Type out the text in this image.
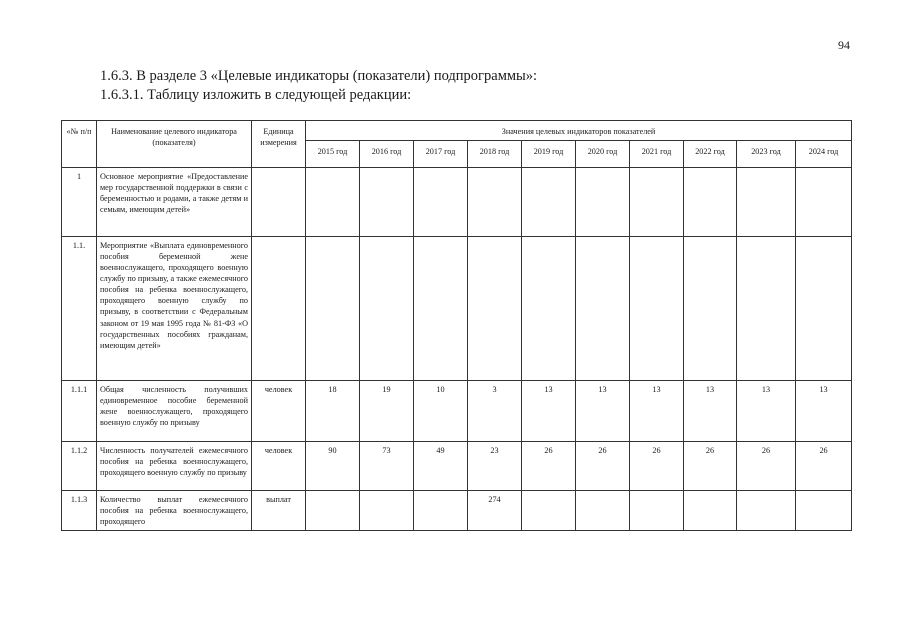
94
1.6.3. В разделе 3 «Целевые индикаторы (показатели) подпрограммы»:
1.6.3.1. Таблицу изложить в следующей редакции:
«№ п/п	Наименование целевого индикатора (показателя)	Единица измерения	Значения целевых индикаторов показателей									
			2015 год	2016 год	2017 год	2018 год	2019 год	2020 год	2021 год	2022 год	2023 год	2024 год
1	Основное мероприятие «Предоставление мер государственной поддержки в связи с беременностью и родами, а также детям и семьям, имеющим детей»											
1.1.	Мероприятие «Выплата единовременного пособия беременной жене военнослужащего, проходящего военную службу по призыву, а также ежемесячного пособия на ребенка военнослужащего, проходящего военную службу по призыву, в соответствии с Федеральным законом от 19 мая 1995 года № 81-ФЗ «О государственных пособиях гражданам, имеющим детей»											
1.1.1	Общая численность получивших единовременное пособие беременной жене военнослужащего, проходящего военную службу по призыву	человек	18	19	10	3	13	13	13	13	13	13
1.1.2	Численность получателей ежемесячного пособия на ребенка военнослужащего, проходящего военную службу по призыву	человек	90	73	49	23	26	26	26	26	26	26
1.1.3	Количество выплат ежемесячного пособия на ребенка военнослужащего, проходящего	выплат				274						
